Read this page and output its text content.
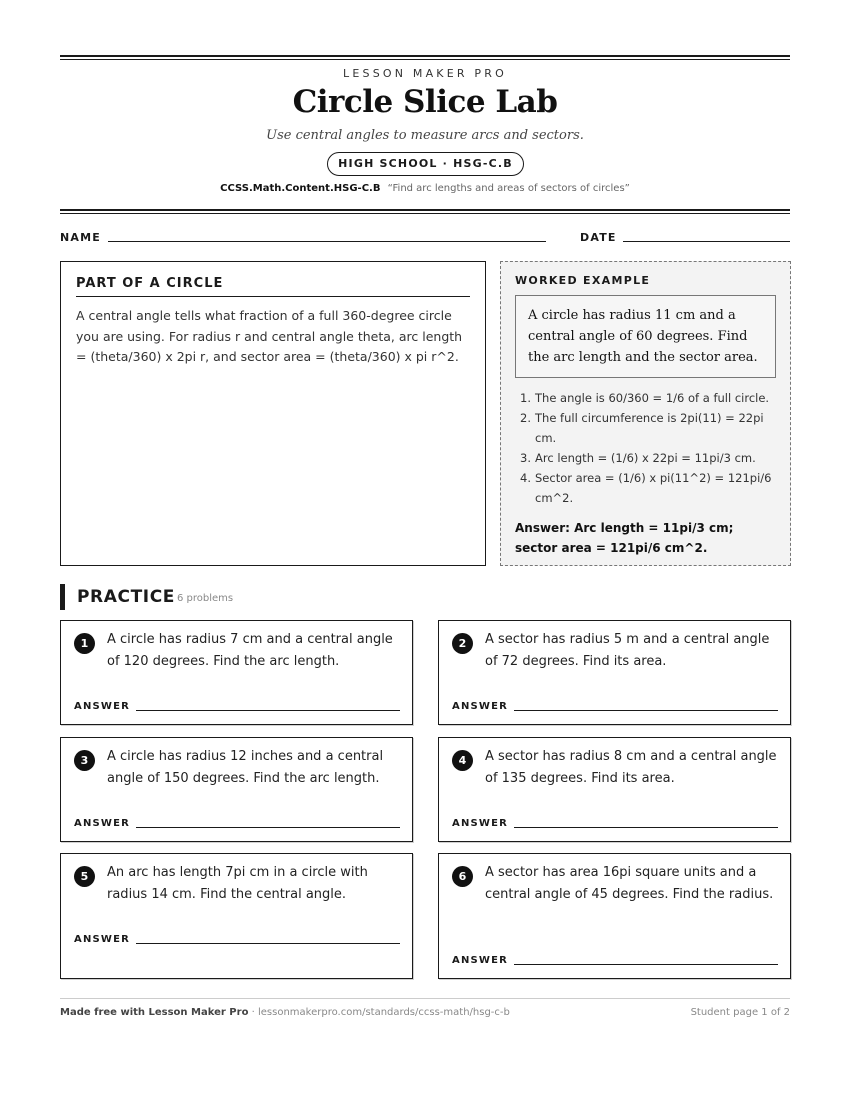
LESSON MAKER PRO
Circle Slice Lab
Use central angles to measure arcs and sectors.
HIGH SCHOOL · HSG-C.B
CCSS.Math.Content.HSG-C.B “Find arc lengths and areas of sectors of circles”
NAME	DATE
PART OF A CIRCLE
A central angle tells what fraction of a full 360-degree circle you are using. For radius r and central angle theta, arc length = (theta/360) x 2pi r, and sector area = (theta/360) x pi r^2.
WORKED EXAMPLE
A circle has radius 11 cm and a central angle of 60 degrees. Find the arc length and the sector area.
1. The angle is 60/360 = 1/6 of a full circle.
2. The full circumference is 2pi(11) = 22pi cm.
3. Arc length = (1/6) x 22pi = 11pi/3 cm.
4. Sector area = (1/6) x pi(11^2) = 121pi/6 cm^2.
Answer: Arc length = 11pi/3 cm; sector area = 121pi/6 cm^2.
PRACTICE 6 problems
1	A circle has radius 7 cm and a central angle of 120 degrees. Find the arc length.
ANSWER
2	A sector has radius 5 m and a central angle of 72 degrees. Find its area.
ANSWER
3	A circle has radius 12 inches and a central angle of 150 degrees. Find the arc length.
ANSWER
4	A sector has radius 8 cm and a central angle of 135 degrees. Find its area.
ANSWER
5	An arc has length 7pi cm in a circle with radius 14 cm. Find the central angle.
ANSWER
6	A sector has area 16pi square units and a central angle of 45 degrees. Find the radius.
ANSWER
Made free with Lesson Maker Pro · lessonmakerpro.com/standards/ccss-math/hsg-c-b	Student page 1 of 2
